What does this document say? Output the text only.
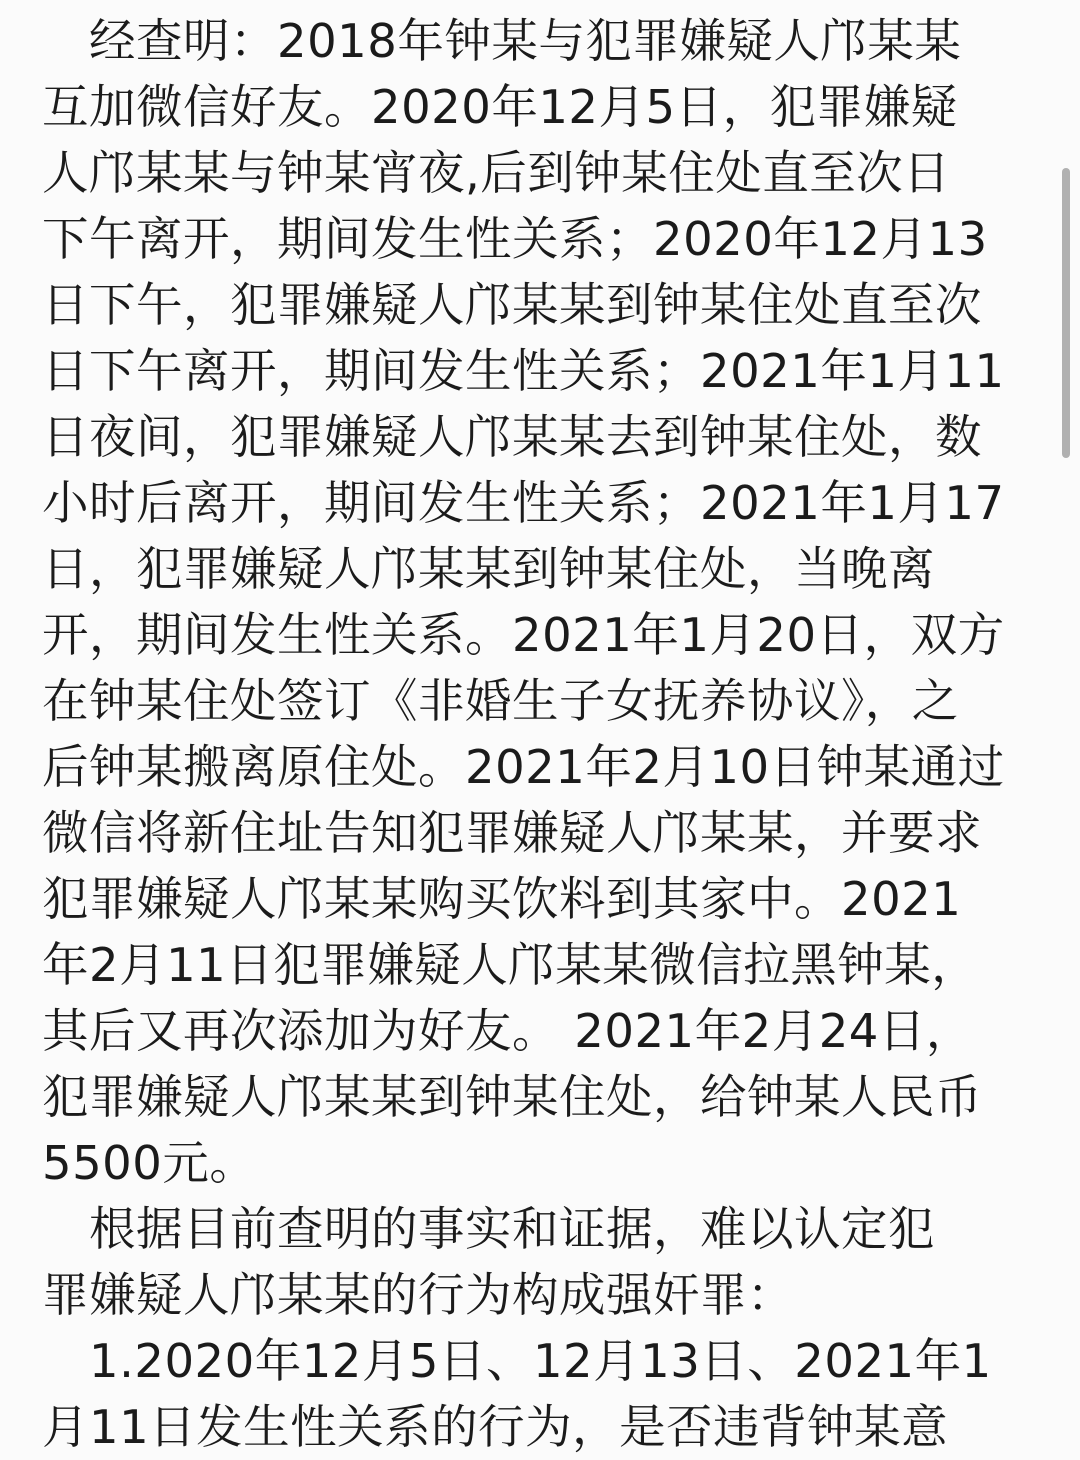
　经查明：2018年钟某与犯罪嫌疑人邝某某
互加微信好友。2020年12月5日，犯罪嫌疑
人邝某某与钟某宵夜,后到钟某住处直至次日
下午离开，期间发生性关系；2020年12月13
日下午，犯罪嫌疑人邝某某到钟某住处直至次
日下午离开，期间发生性关系；2021年1月11
日夜间，犯罪嫌疑人邝某某去到钟某住处，数
小时后离开，期间发生性关系；2021年1月17
日，犯罪嫌疑人邝某某到钟某住处，当晚离
开，期间发生性关系。2021年1月20日，双方
在钟某住处签订《非婚生子女抚养协议》，之
后钟某搬离原住处。2021年2月10日钟某通过
微信将新住址告知犯罪嫌疑人邝某某，并要求
犯罪嫌疑人邝某某购买饮料到其家中。2021
年2月11日犯罪嫌疑人邝某某微信拉黑钟某，
其后又再次添加为好友。 2021年2月24日，
犯罪嫌疑人邝某某到钟某住处，给钟某人民币
5500元。
　根据目前查明的事实和证据，难以认定犯
罪嫌疑人邝某某的行为构成强奸罪：
　1.2020年12月5日、12月13日、2021年1
月11日发生性关系的行为，是否违背钟某意
